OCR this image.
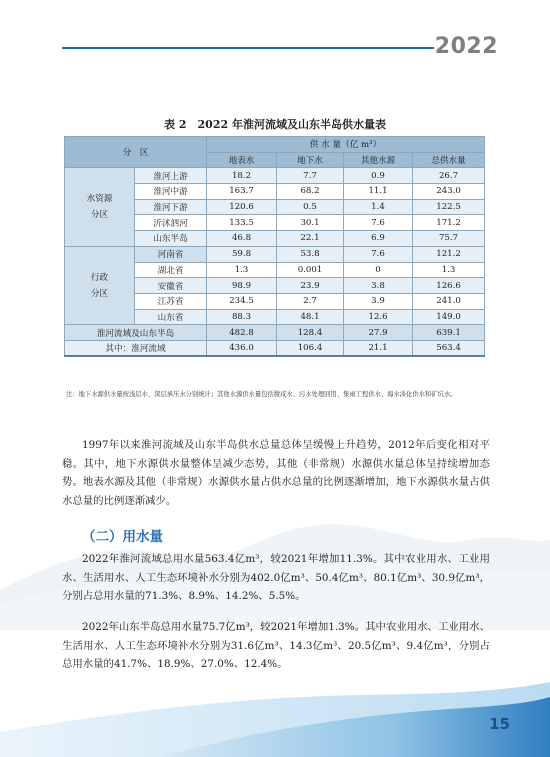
2022
表 2　2022 年淮河流域及山东半岛供水量表
分　区		供 水 量（亿 m³）			
		地表水	地下水	其他水源	总供水量
水资源
分区	淮河上游	18.2	7.7	0.9	26.7
	淮河中游	163.7	68.2	11.1	243.0
	淮河下游	120.6	0.5	1.4	122.5
	沂沭泗河	133.5	30.1	7.6	171.2
	山东半岛	46.8	22.1	6.9	75.7
行政
分区	河南省	59.8	53.8	7.6	121.2
	湖北省	1.3	0.001	0	1.3
	安徽省	98.9	23.9	3.8	126.6
	江苏省	234.5	2.7	3.9	241.0
	山东省	88.3	48.1	12.6	149.0
淮河流域及山东半岛		482.8	128.4	27.9	639.1
其中：淮河流域		436.0	106.4	21.1	563.4
注：地下水源供水量按浅层水、深层承压水分别统计；其他水源供水量包括微咸水、污水处理回用、集雨工程供水、海水淡化供水和矿坑水。
1997年以来淮河流域及山东半岛供水总量总体呈缓慢上升趋势，2012年后变化相对平稳。其中，地下水源供水量整体呈减少态势，其他（非常规）水源供水量总体呈持续增加态势。地表水源及其他（非常规）水源供水量占供水总量的比例逐渐增加，地下水源供水量占供水总量的比例逐渐减少。
（二）用水量
2022年淮河流域总用水量563.4亿m³，较2021年增加11.3%。其中农业用水、工业用水、生活用水、人工生态环境补水分别为402.0亿m³、50.4亿m³、80.1亿m³、30.9亿m³，分别占总用水量的71.3%、8.9%、14.2%、5.5%。
2022年山东半岛总用水量75.7亿m³，较2021年增加1.3%。其中农业用水、工业用水、生活用水、人工生态环境补水分别为31.6亿m³、14.3亿m³、20.5亿m³、9.4亿m³，分别占总用水量的41.7%、18.9%、27.0%、12.4%。
15
